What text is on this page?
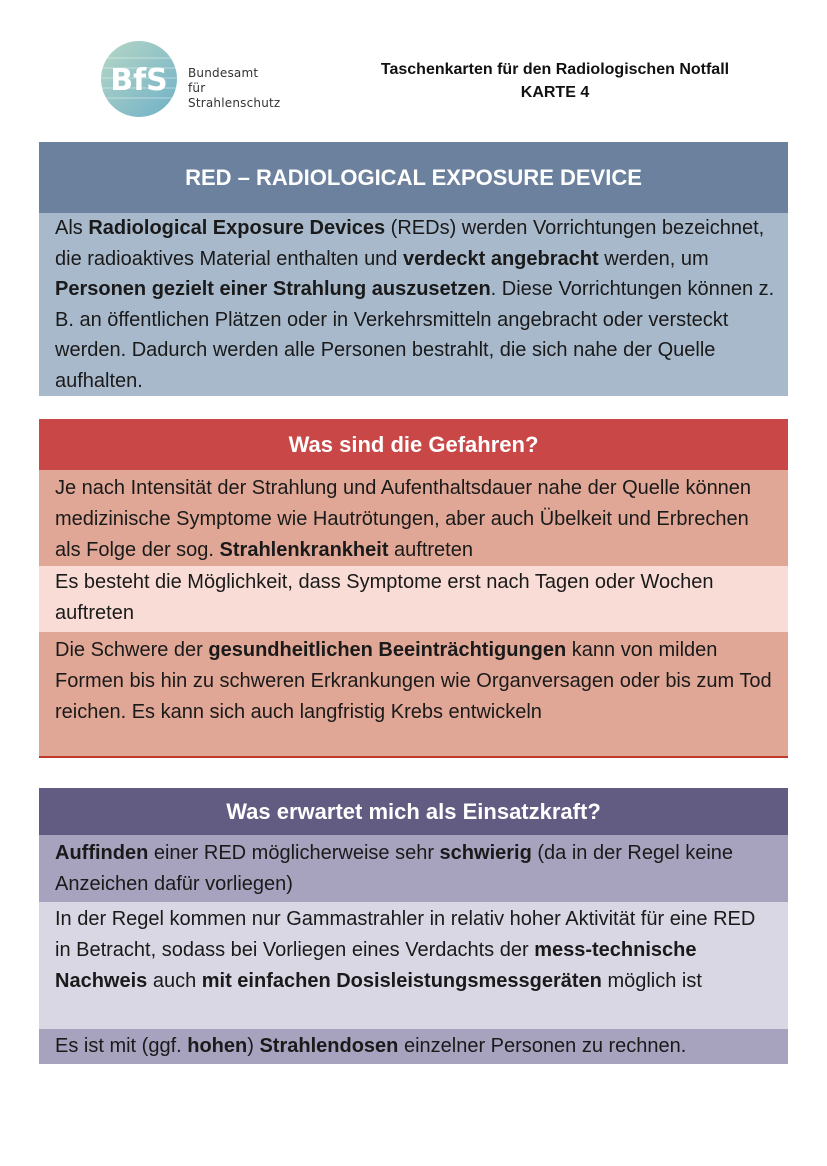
BfS Bundesamt
für Strahlenschutz
Taschenkarten für den Radiologischen Notfall
KARTE 4
RED – RADIOLOGICAL EXPOSURE DEVICE
Als Radiological Exposure Devices (REDs) werden Vorrichtungen bezeichnet, die radioaktives Material enthalten und verdeckt angebracht werden, um Personen gezielt einer Strahlung auszusetzen. Diese Vorrichtungen können z. B. an öffentlichen Plätzen oder in Verkehrsmitteln angebracht oder versteckt werden. Dadurch werden alle Personen bestrahlt, die sich nahe der Quelle aufhalten.
Was sind die Gefahren?
Je nach Intensität der Strahlung und Aufenthaltsdauer nahe der Quelle können medizinische Symptome wie Hautrötungen, aber auch Übelkeit und Erbrechen als Folge der sog. Strahlenkrankheit auftreten
Es besteht die Möglichkeit, dass Symptome erst nach Tagen oder Wochen auftreten
Die Schwere der gesundheitlichen Beeinträchtigungen kann von milden Formen bis hin zu schweren Erkrankungen wie Organversagen oder bis zum Tod reichen. Es kann sich auch langfristig Krebs entwickeln
Was erwartet mich als Einsatzkraft?
Auffinden einer RED möglicherweise sehr schwierig (da in der Regel keine Anzeichen dafür vorliegen)
In der Regel kommen nur Gammastrahler in relativ hoher Aktivität für eine RED in Betracht, sodass bei Vorliegen eines Verdachts der mess-technische Nachweis auch mit einfachen Dosisleistungsmessgeräten möglich ist
Es ist mit (ggf. hohen) Strahlendosen einzelner Personen zu rechnen.
